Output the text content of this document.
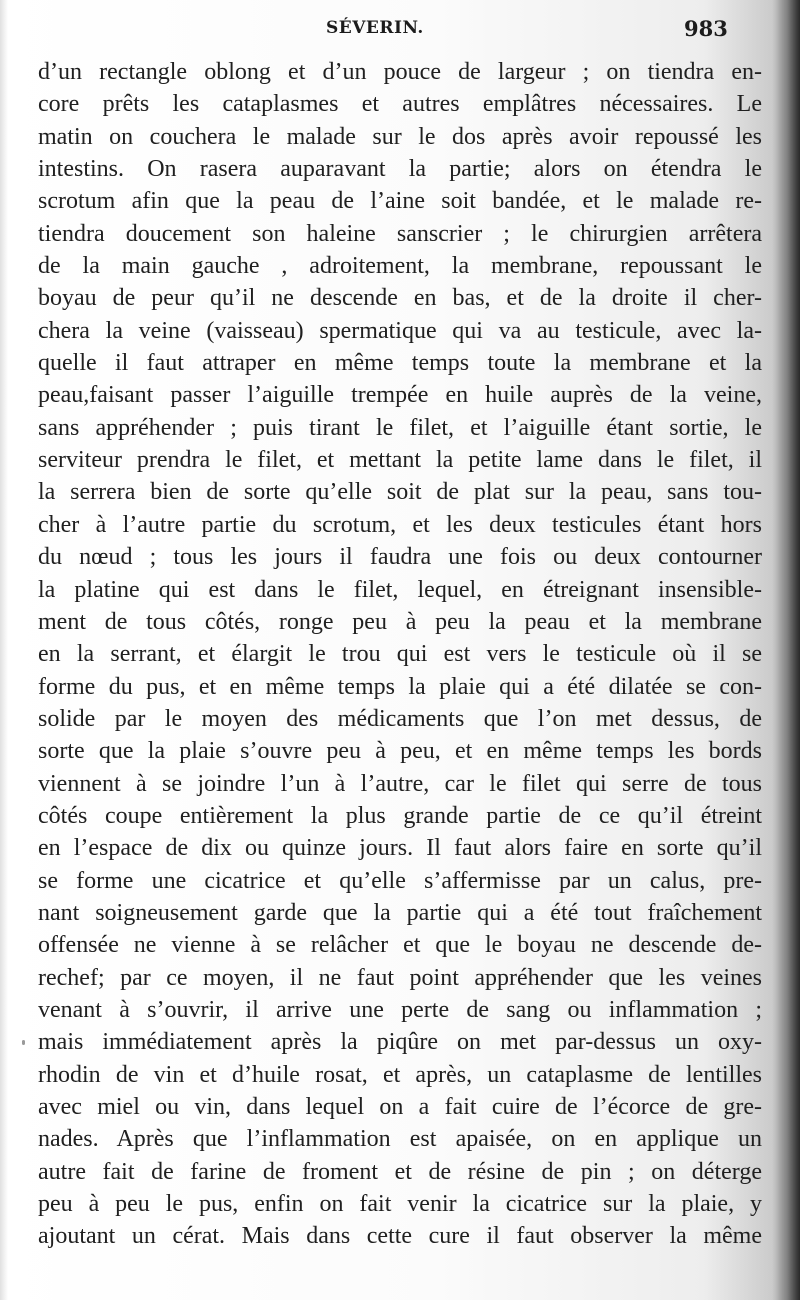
SÉVERIN.	983
d’un rectangle oblong et d’un pouce de largeur ; on tiendra en-
core prêts les cataplasmes et autres emplâtres nécessaires. Le
matin on couchera le malade sur le dos après avoir repoussé les
intestins. On rasera auparavant la partie; alors on étendra le
scrotum afin que la peau de l’aine soit bandée, et le malade re-
tiendra doucement son haleine sanscrier ; le chirurgien arrêtera
de la main gauche , adroitement, la membrane, repoussant le
boyau de peur qu’il ne descende en bas, et de la droite il cher-
chera la veine (vaisseau) spermatique qui va au testicule, avec la-
quelle il faut attraper en même temps toute la membrane et la
peau,faisant passer l’aiguille trempée en huile auprès de la veine,
sans appréhender ; puis tirant le filet, et l’aiguille étant sortie, le
serviteur prendra le filet, et mettant la petite lame dans le filet, il
la serrera bien de sorte qu’elle soit de plat sur la peau, sans tou-
cher à l’autre partie du scrotum, et les deux testicules étant hors
du nœud ; tous les jours il faudra une fois ou deux contourner
la platine qui est dans le filet, lequel, en étreignant insensible-
ment de tous côtés, ronge peu à peu la peau et la membrane
en la serrant, et élargit le trou qui est vers le testicule où il se
forme du pus, et en même temps la plaie qui a été dilatée se con-
solide par le moyen des médicaments que l’on met dessus, de
sorte que la plaie s’ouvre peu à peu, et en même temps les bords
viennent à se joindre l’un à l’autre, car le filet qui serre de tous
côtés coupe entièrement la plus grande partie de ce qu’il étreint
en l’espace de dix ou quinze jours. Il faut alors faire en sorte qu’il
se forme une cicatrice et qu’elle s’affermisse par un calus, pre-
nant soigneusement garde que la partie qui a été tout fraîchement
offensée ne vienne à se relâcher et que le boyau ne descende de-
rechef; par ce moyen, il ne faut point appréhender que les veines
venant à s’ouvrir, il arrive une perte de sang ou inflammation ;
mais immédiatement après la piqûre on met par-dessus un oxy-
rhodin de vin et d’huile rosat, et après, un cataplasme de lentilles
avec miel ou vin, dans lequel on a fait cuire de l’écorce de gre-
nades. Après que l’inflammation est apaisée, on en applique un
autre fait de farine de froment et de résine de pin ; on déterge
peu à peu le pus, enfin on fait venir la cicatrice sur la plaie, y
ajoutant un cérat. Mais dans cette cure il faut observer la même
